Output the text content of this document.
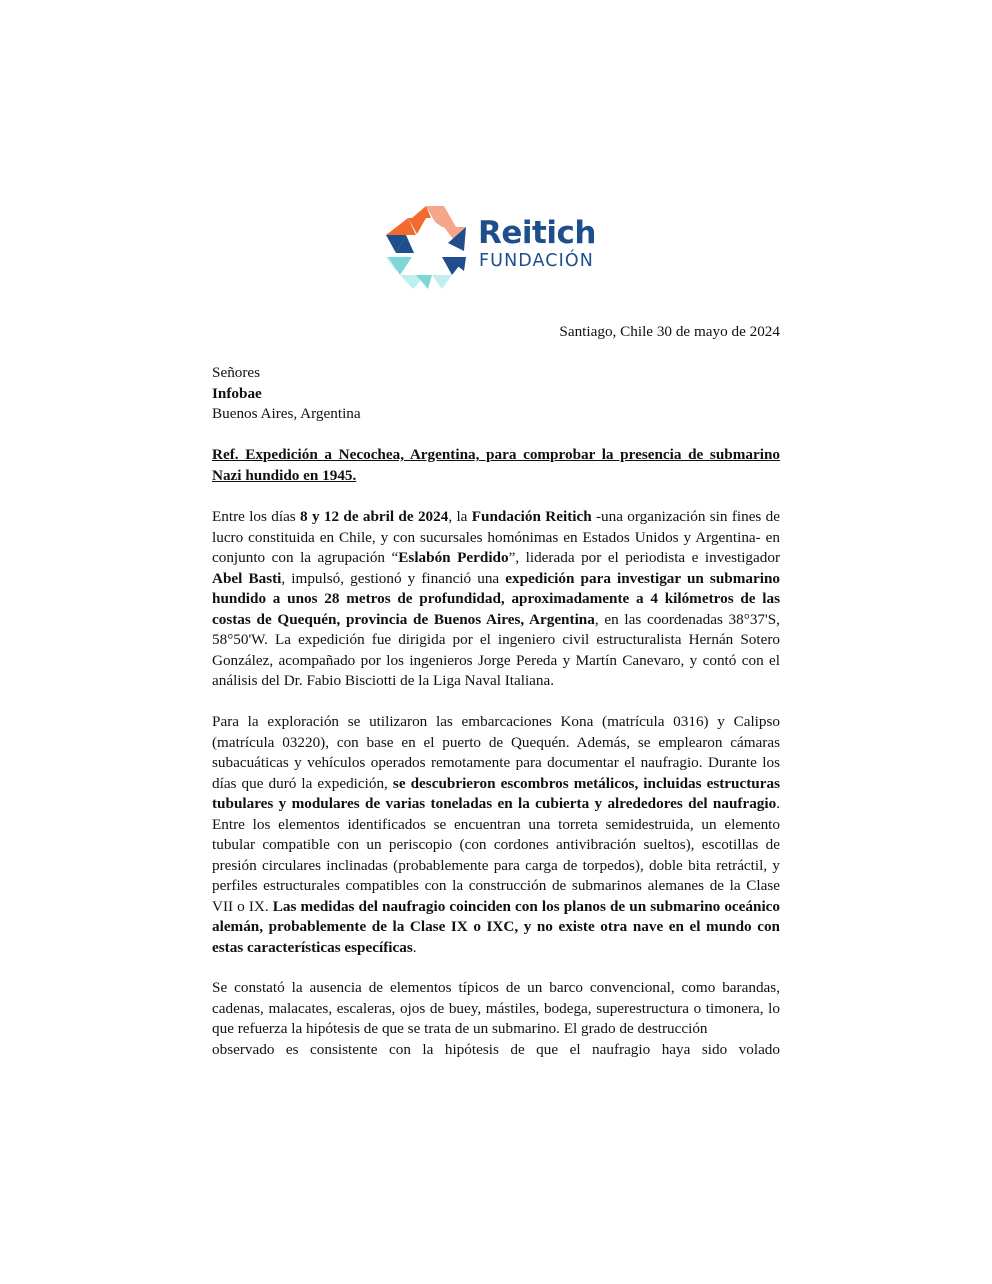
Reitich
FUNDACIÓN
Santiago, Chile 30 de mayo de 2024
Señores
Infobae
Buenos Aires, Argentina

Ref. Expedición a Necochea, Argentina, para comprobar la presencia de submarino Nazi hundido en 1945.

Entre los días 8 y 12 de abril de 2024, la Fundación Reitich -una organización sin fines de lucro constituida en Chile, y con sucursales homónimas en Estados Unidos y Argentina- en conjunto con la agrupación “Eslabón Perdido”, liderada por el periodista e investigador Abel Basti, impulsó, gestionó y financió una expedición para investigar un submarino hundido a unos 28 metros de profundidad, aproximadamente a 4 kilómetros de las costas de Quequén, provincia de Buenos Aires, Argentina, en las coordenadas 38°37'S, 58°50'W. La expedición fue dirigida por el ingeniero civil estructuralista Hernán Sotero González, acompañado por los ingenieros Jorge Pereda y Martín Canevaro, y contó con el análisis del Dr. Fabio Bisciotti de la Liga Naval Italiana.

Para la exploración se utilizaron las embarcaciones Kona (matrícula 0316) y Calipso (matrícula 03220), con base en el puerto de Quequén. Además, se emplearon cámaras subacuáticas y vehículos operados remotamente para documentar el naufragio. Durante los días que duró la expedición, se descubrieron escombros metálicos, incluidas estructuras tubulares y modulares de varias toneladas en la cubierta y alrededores del naufragio. Entre los elementos identificados se encuentran una torreta semidestruida, un elemento tubular compatible con un periscopio (con cordones antivibración sueltos), escotillas de presión circulares inclinadas (probablemente para carga de torpedos), doble bita retráctil, y perfiles estructurales compatibles con la construcción de submarinos alemanes de la Clase VII o IX. Las medidas del naufragio coinciden con los planos de un submarino oceánico alemán, probablemente de la Clase IX o IXC, y no existe otra nave en el mundo con estas características específicas.

Se constató la ausencia de elementos típicos de un barco convencional, como barandas, cadenas, malacates, escaleras, ojos de buey, mástiles, bodega, superestructura o timonera, lo que refuerza la hipótesis de que se trata de un submarino. El grado de destrucción
observado es consistente con la hipótesis de que el naufragio haya sido volado
